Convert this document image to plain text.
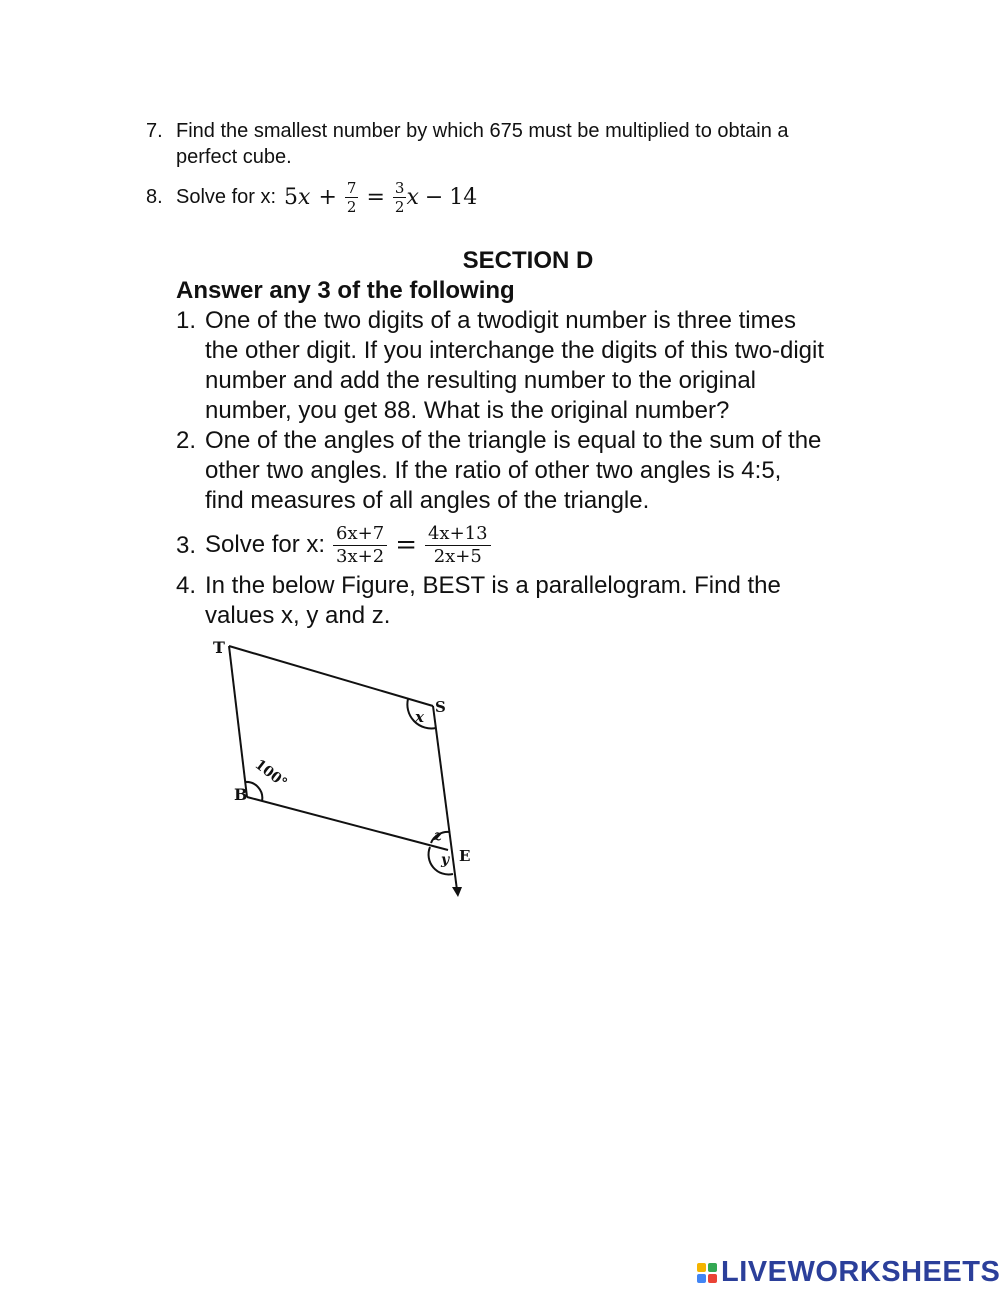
7. Find the smallest number by which 675 must be multiplied to obtain a
perfect cube.
8. Solve for x: 5 $x + \frac{7}{2} = \frac{3}{2}$ x − 14
SECTION D
Answer any 3 of the following
1. One of the two digits of a twodigit number is three times
the other digit. If you interchange the digits of this two-digit
number and add the resulting number to the original
number, you get 88. What is the original number?
2. One of the angles of the triangle is equal to the sum of the
other two angles. If the ratio of other two angles is 4:5,
find measures of all angles of the triangle.
3. Solve for x: $\frac{6x+7}{3x+2} = \frac{4x+13}{2x+5}$
4. In the below Figure, BEST is a parallelogram. Find the
values x, y and z.
T
S
B
E
100°
x
z
y
LIVEWORKSHEETS
